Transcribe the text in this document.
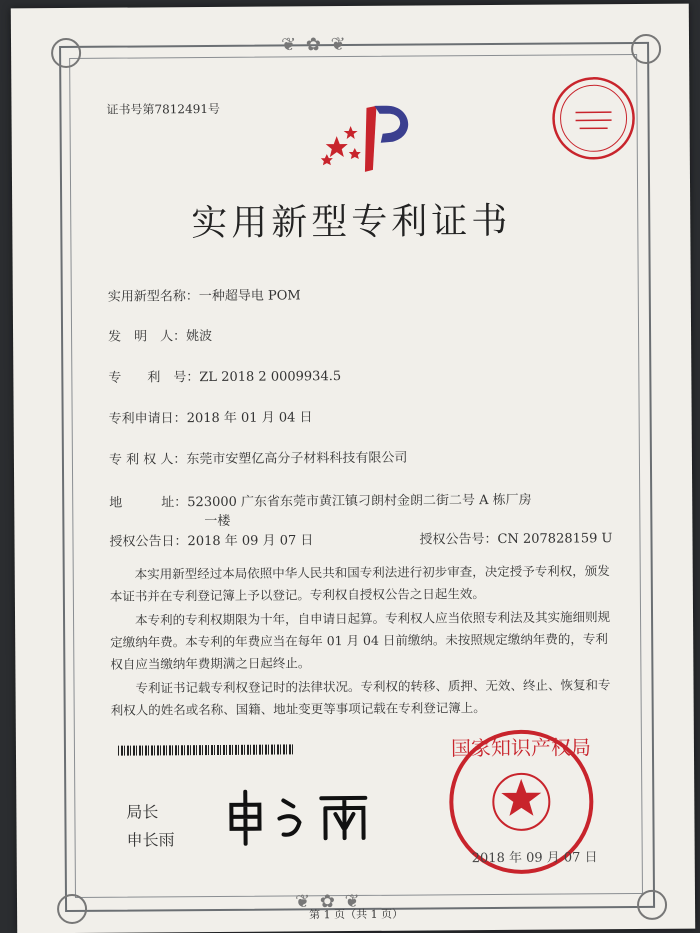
❦ ✿ ❦
❦ ✿ ❦
证书号第7812491号
实用新型专利证书
实用新型名称：一种超导电 POM
发　明　人：姚波
专　　利　号：ZL 2018 2 0009934.5
专利申请日：2018 年 01 月 04 日
专 利 权 人：东莞市安塑亿高分子材料科技有限公司
地　　　址：523000 广东省东莞市黄江镇刁朗村金朗二街二号 A 栋厂房
一楼
授权公告日：2018 年 09 月 07 日	授权公告号：CN 207828159 U

本实用新型经过本局依照中华人民共和国专利法进行初步审查，决定授予专利权，颁发本证书并在专利登记簿上予以登记。专利权自授权公告之日起生效。

本专利的专利权期限为十年，自申请日起算。专利权人应当依照专利法及其实施细则规定缴纳年费。本专利的年费应当在每年 01 月 04 日前缴纳。未按照规定缴纳年费的，专利权自应当缴纳年费期满之日起终止。

专利证书记载专利权登记时的法律状况。专利权的转移、质押、无效、终止、恢复和专利权人的姓名或名称、国籍、地址变更等事项记载在专利登记簿上。

局长
申长雨
国家知识产权局
2018 年 09 月 07 日
第 1 页（共 1 页）
